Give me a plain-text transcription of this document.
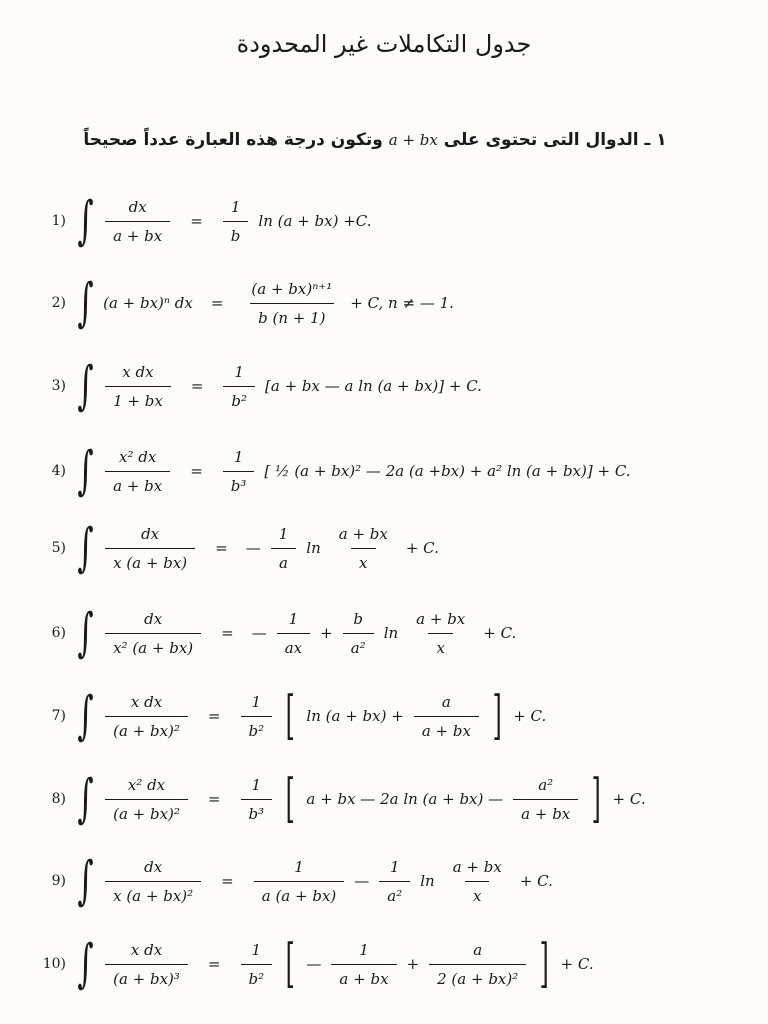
جدول التكاملات غير المحدودة
١ ـ الدوال التى تحتوى على a + bx وتكون درجة هذه العبارة عدداً صحيحاً
1) ∫ $\frac{dx}{a + bx} = \frac{1}{b}$ ln (a + bx) +C.
2) ∫ (a + bx)ⁿ dx = $\frac{\text{(a + bx)ⁿ⁺¹}}{b (n + 1)} + C$, n ≠ — 1.
3) ∫ $\frac{\text{x dx}}{1 + bx} = \frac{1}{\text{b²}} [a$ + bx — a ln (a + bx)] + C.
4) ∫ $\frac{\text{x² dx}}{a + bx} = \frac{1}{\text{b³}}$ [ ½ (a + bx)² — 2a (a +bx) + a² ln (a + bx)] + C.
5) ∫ $\frac{dx}{x (a + bx)}$ = — $\frac{1}{a}$ $\ln \frac{a + bx}{x} + C$.
6) ∫ $\frac{dx}{\text{x² (a + bx)}}$ = — $\frac{1}{ax} + \frac{b}{\text{a²}}$ $\ln \frac{a + bx}{x} + C$.
7) ∫ $\frac{\text{x dx}}{\text{(a + bx)²}} = \frac{1}{\text{b²}}$ [ $\ln (a + bx) + \frac{a}{a + bx}$ ] + C.
8) ∫ $\frac{\text{x² dx}}{\text{(a + bx)²}} = \frac{1}{\text{b³}}$ [ a + bx — 2a ln (a + bx) — $\frac{\text{a²}}{a + bx}$ ] + C.
9) ∫ $\frac{dx}{\text{x (a + bx)²}} = \frac{1}{a (a + bx)}$ — $\frac{1}{\text{a²}}$ $\ln \frac{a + bx}{x} + C$.
10) ∫ $\frac{\text{x dx}}{\text{(a + bx)³}} = \frac{1}{\text{b²}}$ [ — $\frac{1}{a + bx} + \frac{a}{\text{2 (a + bx)²}}$ ] + C.
